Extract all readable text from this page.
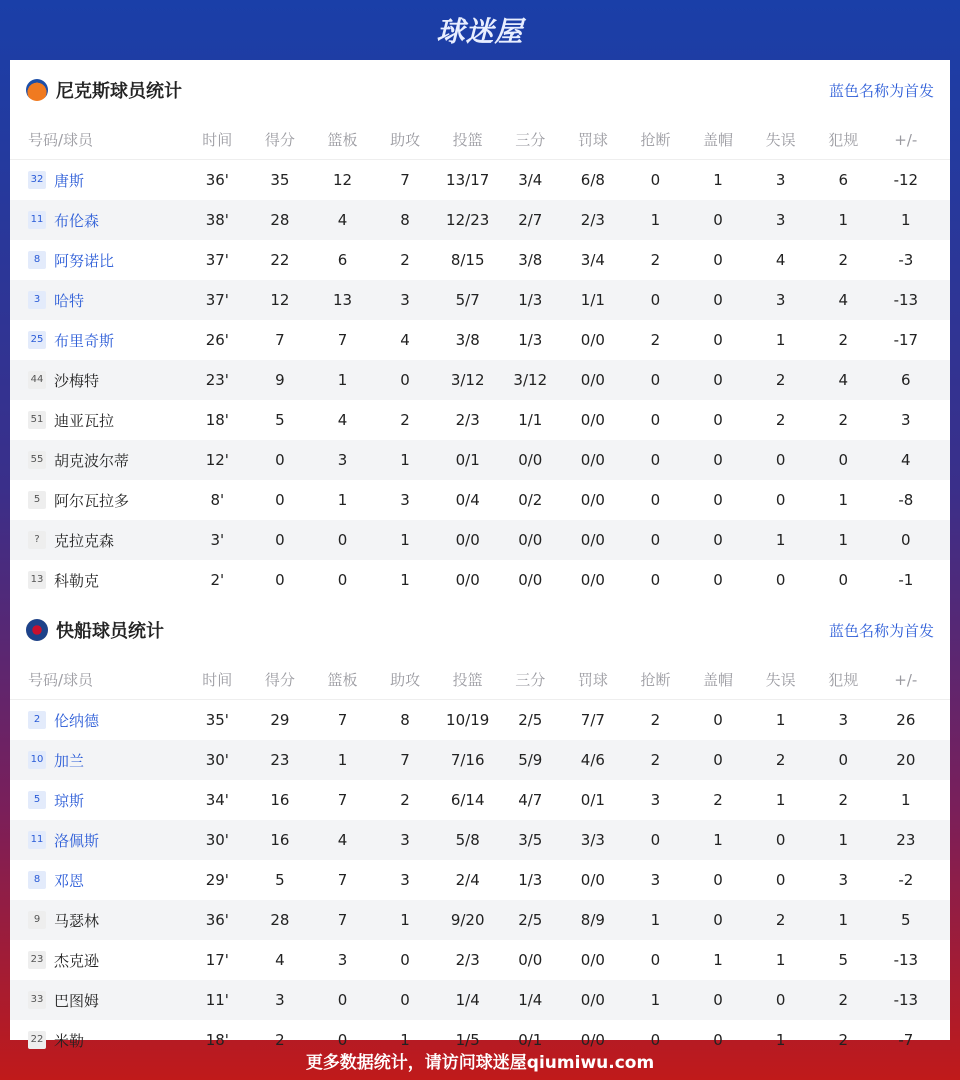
球迷屋
尼克斯球员统计	蓝色名称为首发
号码/球员	时间	得分	篮板	助攻	投篮	三分	罚球	抢断	盖帽	失误	犯规	+/-
32 唐斯	36'	35	12	7	13/17	3/4	6/8	0	1	3	6	-12
11 布伦森	38'	28	4	8	12/23	2/7	2/3	1	0	3	1	1
8 阿努诺比	37'	22	6	2	8/15	3/8	3/4	2	0	4	2	-3
3 哈特	37'	12	13	3	5/7	1/3	1/1	0	0	3	4	-13
25 布里奇斯	26'	7	7	4	3/8	1/3	0/0	2	0	1	2	-17
44 沙梅特	23'	9	1	0	3/12	3/12	0/0	0	0	2	4	6
51 迪亚瓦拉	18'	5	4	2	2/3	1/1	0/0	0	0	2	2	3
55 胡克波尔蒂	12'	0	3	1	0/1	0/0	0/0	0	0	0	0	4
5 阿尔瓦拉多	8'	0	1	3	0/4	0/2	0/0	0	0	0	1	-8
? 克拉克森	3'	0	0	1	0/0	0/0	0/0	0	0	1	1	0
13 科勒克	2'	0	0	1	0/0	0/0	0/0	0	0	0	0	-1
快船球员统计	蓝色名称为首发
号码/球员	时间	得分	篮板	助攻	投篮	三分	罚球	抢断	盖帽	失误	犯规	+/-
2 伦纳德	35'	29	7	8	10/19	2/5	7/7	2	0	1	3	26
10 加兰	30'	23	1	7	7/16	5/9	4/6	2	0	2	0	20
5 琼斯	34'	16	7	2	6/14	4/7	0/1	3	2	1	2	1
11 洛佩斯	30'	16	4	3	5/8	3/5	3/3	0	1	0	1	23
8 邓恩	29'	5	7	3	2/4	1/3	0/0	3	0	0	3	-2
9 马瑟林	36'	28	7	1	9/20	2/5	8/9	1	0	2	1	5
23 杰克逊	17'	4	3	0	2/3	0/0	0/0	0	1	1	5	-13
33 巴图姆	11'	3	0	0	1/4	1/4	0/0	1	0	0	2	-13
22 米勒	18'	2	0	1	1/5	0/1	0/0	0	0	1	2	-7
更多数据统计，请访问球迷屋qiumiwu.com
